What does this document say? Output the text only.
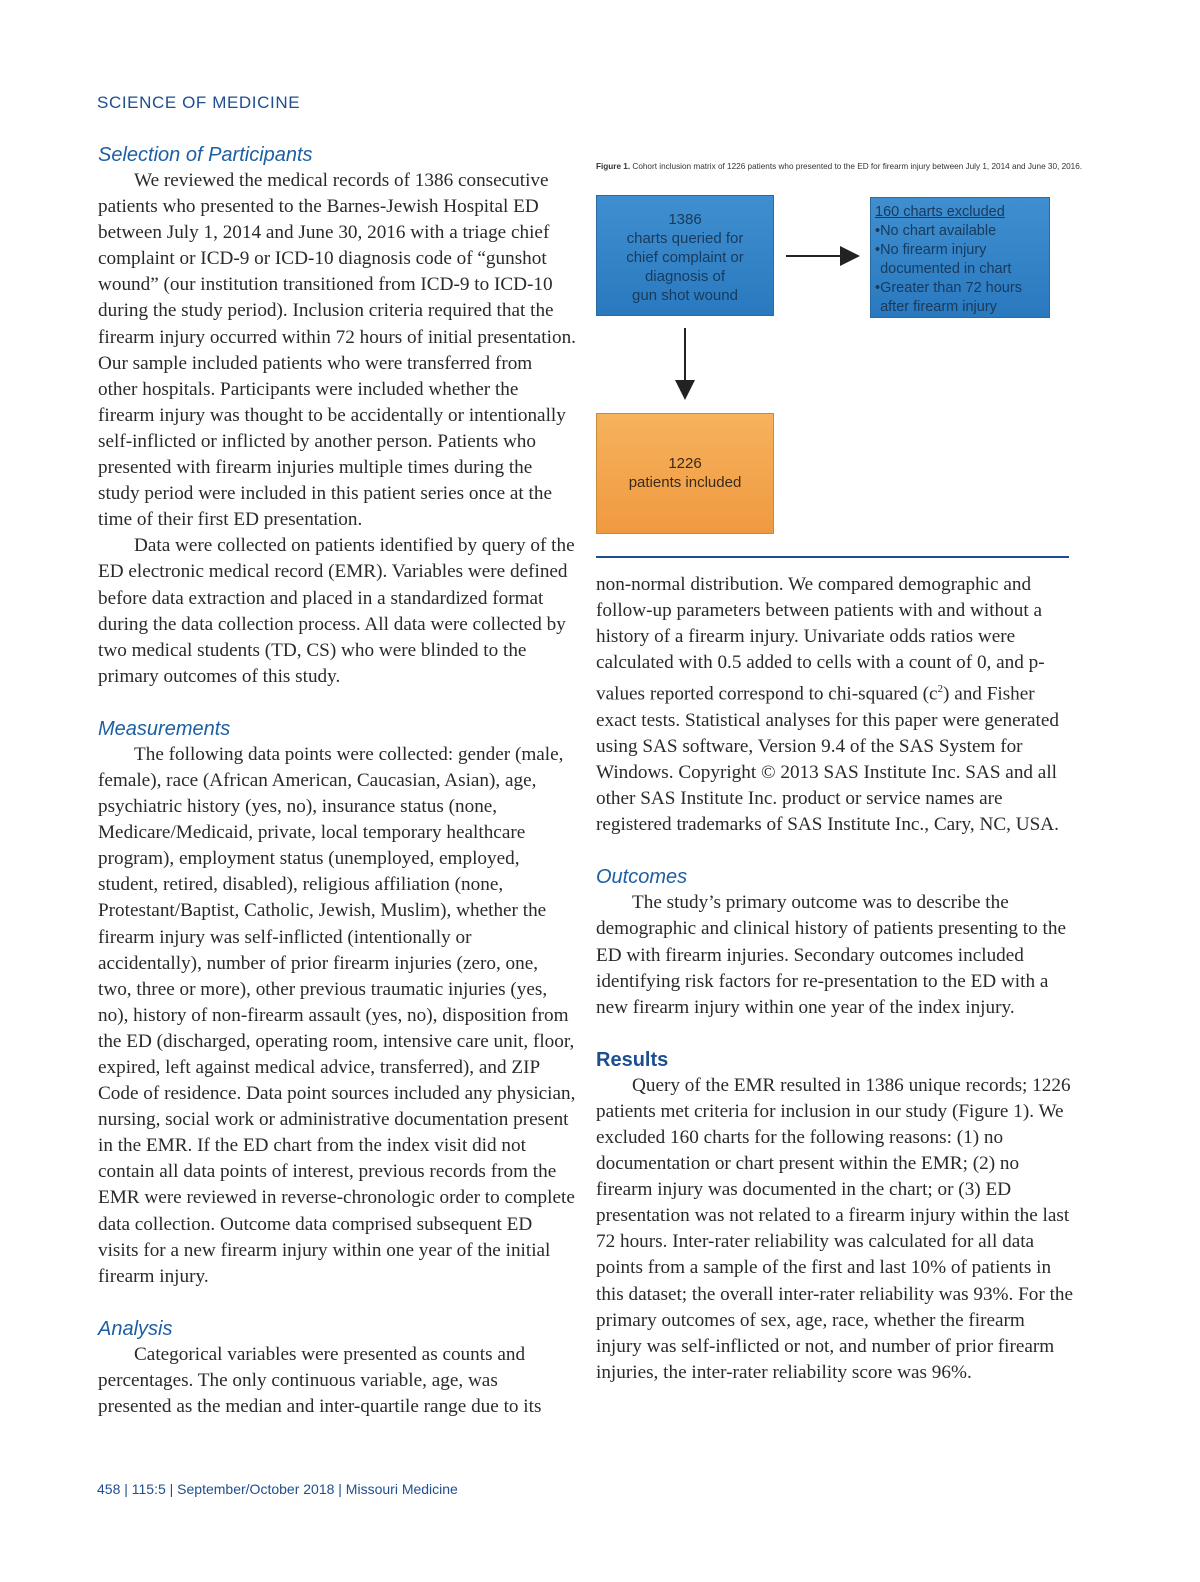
SCIENCE OF MEDICINE
Selection of Participants

We reviewed the medical records of 1386 consecutive patients who presented to the Barnes-Jewish Hospital ED between July 1, 2014 and June 30, 2016 with a triage chief complaint or ICD-9 or ICD-10 diagnosis code of “gunshot wound” (our institution transitioned from ICD-9 to ICD-10 during the study period). Inclusion criteria required that the firearm injury occurred within 72 hours of initial presentation. Our sample included patients who were transferred from other hospitals. Participants were included whether the firearm injury was thought to be accidentally or intentionally self-inflicted or inflicted by another person. Patients who presented with firearm injuries multiple times during the study period were included in this patient series once at the time of their first ED presentation.

Data were collected on patients identified by query of the ED electronic medical record (EMR). Variables were defined before data extraction and placed in a standardized format during the data collection process. All data were collected by two medical students (TD, CS) who were blinded to the primary outcomes of this study.

Measurements

The following data points were collected: gender (male, female), race (African American, Caucasian, Asian), age, psychiatric history (yes, no), insurance status (none, Medicare/Medicaid, private, local temporary healthcare program), employment status (unemployed, employed, student, retired, disabled), religious affiliation (none, Protestant/Baptist, Catholic, Jewish, Muslim), whether the firearm injury was self-inflicted (intentionally or accidentally), number of prior firearm injuries (zero, one, two, three or more), other previous traumatic injuries (yes, no), history of non-firearm assault (yes, no), disposition from the ED (discharged, operating room, intensive care unit, floor, expired, left against medical advice, transferred), and ZIP Code of residence. Data point sources included any physician, nursing, social work or administrative documentation present in the EMR. If the ED chart from the index visit did not contain all data points of interest, previous records from the EMR were reviewed in reverse-chronologic order to complete data collection. Outcome data comprised subsequent ED visits for a new firearm injury within one year of the initial firearm injury.

Analysis

Categorical variables were presented as counts and percentages. The only continuous variable, age, was presented as the median and inter-quartile range due to its

Figure 1. Cohort inclusion matrix of 1226 patients who presented to the ED for firearm injury between July 1, 2014 and June 30, 2016.
1386
charts queried for
chief complaint or
diagnosis of
gun shot wound
160 charts excluded
•No chart available
•No firearm injury
documented in chart
•Greater than 72 hours
after firearm injury
1226
patients included

non-normal distribution. We compared demographic and follow-up parameters between patients with and without a history of a firearm injury. Univariate odds ratios were calculated with 0.5 added to cells with a count of 0, and p-values reported correspond to chi-squared $(c^2)$ and Fisher exact tests. Statistical analyses for this paper were generated using SAS software, Version 9.4 of the SAS System for Windows. Copyright © 2013 SAS Institute Inc. SAS and all other SAS Institute Inc. product or service names are registered trademarks of SAS Institute Inc., Cary, NC, USA.

Outcomes

The study’s primary outcome was to describe the demographic and clinical history of patients presenting to the ED with firearm injuries. Secondary outcomes included identifying risk factors for re-presentation to the ED with a new firearm injury within one year of the index injury.

Results

Query of the EMR resulted in 1386 unique records; 1226 patients met criteria for inclusion in our study (Figure 1). We excluded 160 charts for the following reasons: (1) no documentation or chart present within the EMR; (2) no firearm injury was documented in the chart; or (3) ED presentation was not related to a firearm injury within the last 72 hours. Inter-rater reliability was calculated for all data points from a sample of the first and last 10% of patients in this dataset; the overall inter-rater reliability was 93%. For the primary outcomes of sex, age, race, whether the firearm injury was self-inflicted or not, and number of prior firearm injuries, the inter-rater reliability score was 96%.

458 | 115:5 | September/October 2018 | Missouri Medicine
